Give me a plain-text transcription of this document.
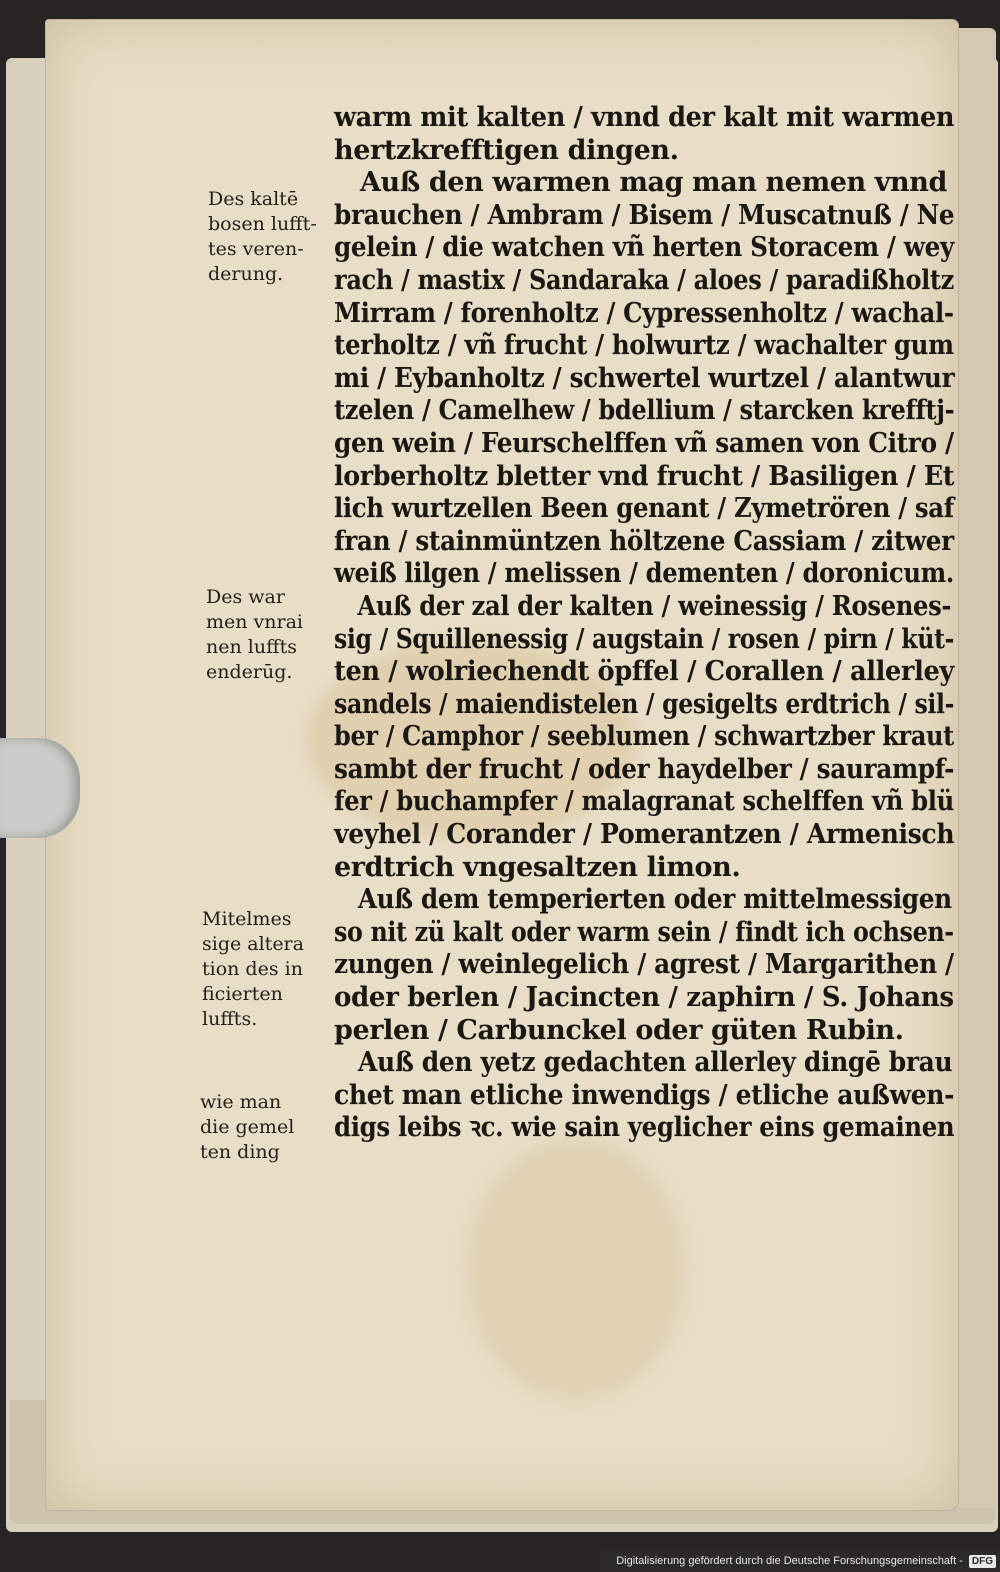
warm mit kalten / vnnd der kalt mit warmen
hertzkrefftigen dingen.
Auß den warmen mag man nemen vnnd
brauchen / Ambram / Bisem / Muscatnuß / Ne
gelein / die watchen vñ herten Storacem / wey
rach / mastix / Sandaraka / aloes / paradißholtz
Mirram / forenholtz / Cypressenholtz / wachal-
terholtz / vñ frucht / holwurtz / wachalter gum
mi / Eybanholtz / schwertel wurtzel / alantwur
tzelen / Camelhew / bdellium / starcken krefftj-
gen wein / Feurschelffen vñ samen von Citro /
lorberholtz bletter vnd frucht / Basiligen / Et
lich wurtzellen Been genant / Zymetrören / saf
fran / stainmüntzen höltzene Cassiam / zitwer
weiß lilgen / melissen / dementen / doronicum.
Auß der zal der kalten / weinessig / Rosenes-
sig / Squillenessig / augstain / rosen / pirn / küt-
ten / wolriechendt öpffel / Corallen / allerley
sandels / maiendistelen / gesigelts erdtrich / sil-
ber / Camphor / seeblumen / schwartzber kraut
sambt der frucht / oder haydelber / saurampf-
fer / buchampfer / malagranat schelffen vñ blü
veyhel / Corander / Pomerantzen / Armenisch
erdtrich vngesaltzen limon.
Auß dem temperierten oder mittelmessigen
so nit zü kalt oder warm sein / findt ich ochsen-
zungen / weinlegelich / agrest / Margarithen /
oder berlen / Jacincten / zaphirn / S. Johans
perlen / Carbunckel oder güten Rubin.
Auß den yetz gedachten allerley dingē brau
chet man etliche inwendigs / etliche außwen-
digs leibs ꝛc. wie sain yeglicher eins gemainen
Des kaltē
bosen lufft-
tes veren-
derung.
Des war
men vnrai
nen luffts
enderūg.
Mitelmes
sige altera
tion des in
ficierten
luffts.
wie man
die gemel
ten ding
Digitalisierung gefördert durch die Deutsche Forschungsgemeinschaft - DFG
